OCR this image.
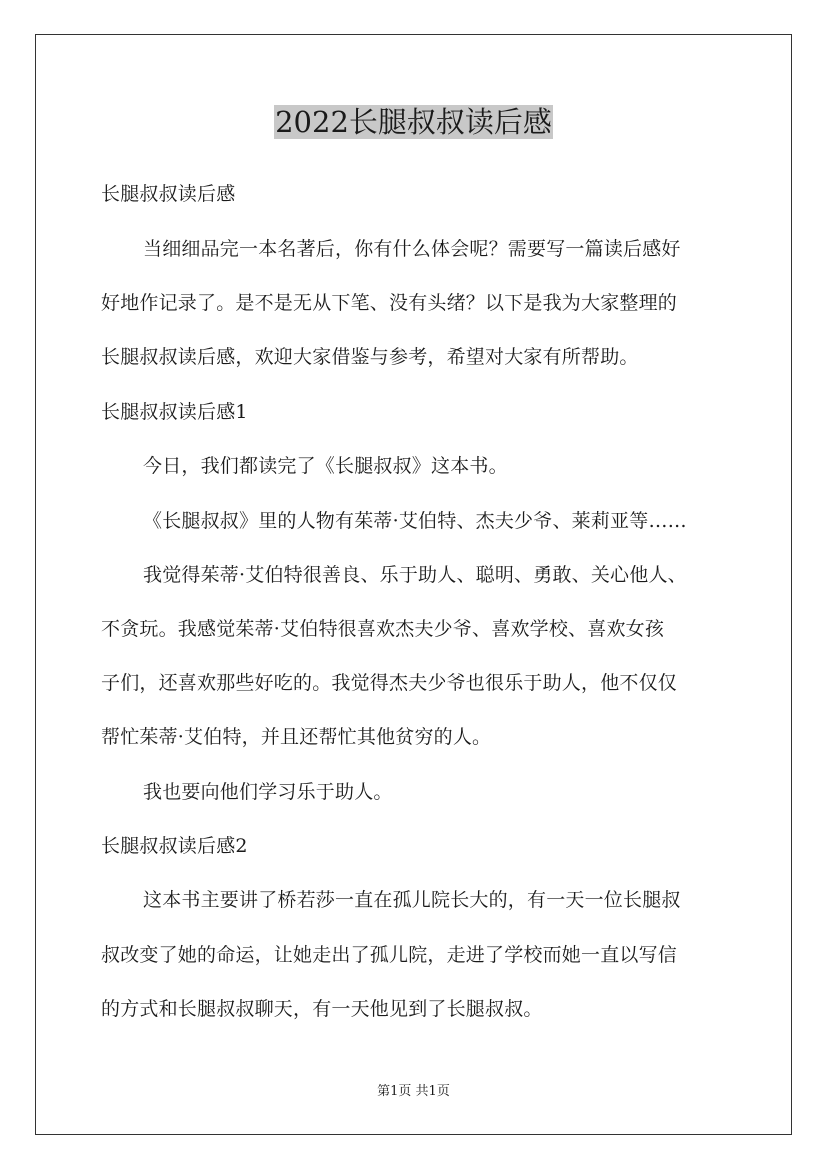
2022长腿叔叔读后感
长腿叔叔读后感
当细细品完一本名著后，你有什么体会呢？需要写一篇读后感好
好地作记录了。是不是无从下笔、没有头绪？以下是我为大家整理的
长腿叔叔读后感，欢迎大家借鉴与参考，希望对大家有所帮助。
长腿叔叔读后感1
今日，我们都读完了《长腿叔叔》这本书。
《长腿叔叔》里的人物有茱蒂·艾伯特、杰夫少爷、莱莉亚等……
我觉得茱蒂·艾伯特很善良、乐于助人、聪明、勇敢、关心他人、
不贪玩。我感觉茱蒂·艾伯特很喜欢杰夫少爷、喜欢学校、喜欢女孩
子们，还喜欢那些好吃的。我觉得杰夫少爷也很乐于助人，他不仅仅
帮忙茱蒂·艾伯特，并且还帮忙其他贫穷的人。
我也要向他们学习乐于助人。
长腿叔叔读后感2
这本书主要讲了桥若莎一直在孤儿院长大的，有一天一位长腿叔
叔改变了她的命运，让她走出了孤儿院，走进了学校而她一直以写信
的方式和长腿叔叔聊天，有一天他见到了长腿叔叔。
第1页 共1页
